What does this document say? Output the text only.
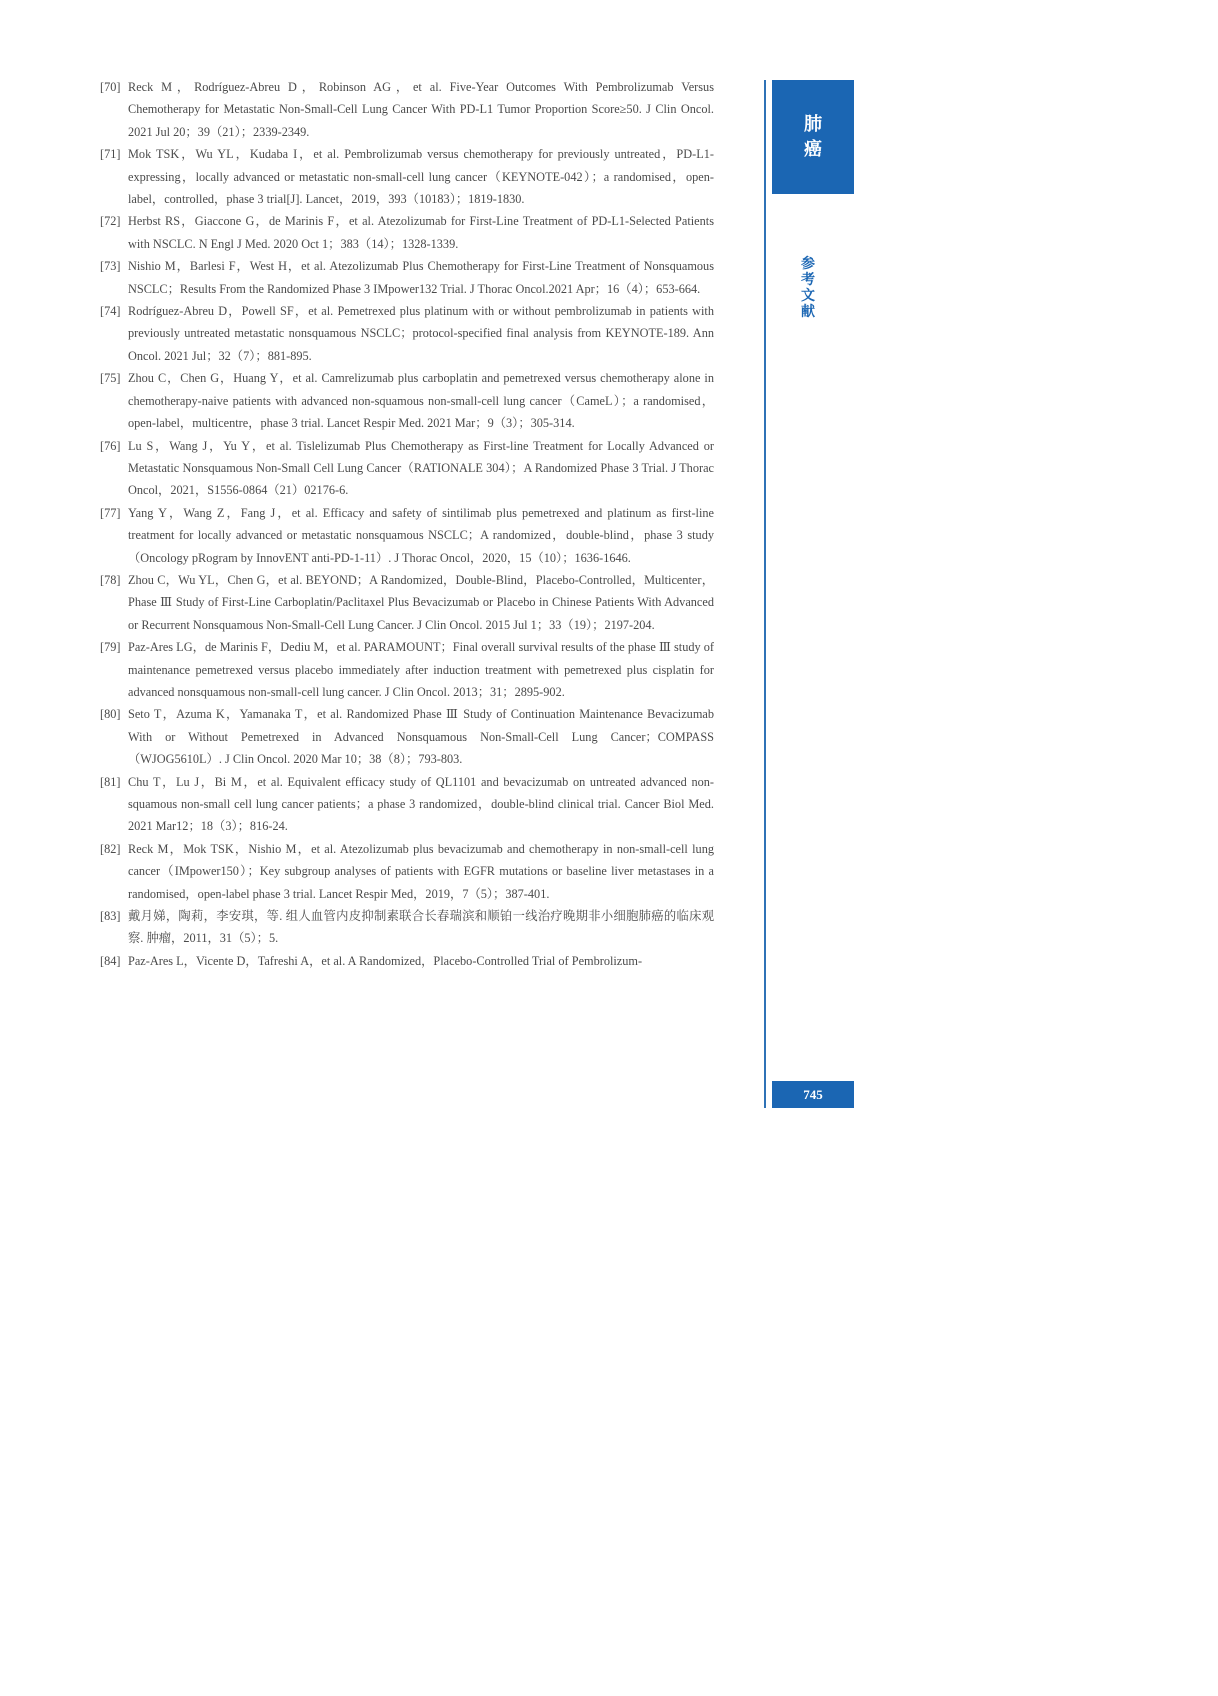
[70] Reck M，Rodríguez-Abreu D，Robinson AG，et al. Five-Year Outcomes With Pembrolizumab Versus Chemotherapy for Metastatic Non-Small-Cell Lung Cancer With PD-L1 Tumor Proportion Score≥50. J Clin Oncol. 2021 Jul 20；39（21）；2339-2349.
[71] Mok TSK，Wu YL，Kudaba I，et al. Pembrolizumab versus chemotherapy for previously untreated，PD-L1-expressing，locally advanced or metastatic non-small-cell lung cancer（KEYNOTE-042）；a randomised，open-label，controlled，phase 3 trial[J]. Lancet，2019，393（10183）；1819-1830.
[72] Herbst RS，Giaccone G，de Marinis F，et al. Atezolizumab for First-Line Treatment of PD-L1-Selected Patients with NSCLC. N Engl J Med. 2020 Oct 1；383（14）；1328-1339.
[73] Nishio M，Barlesi F，West H，et al. Atezolizumab Plus Chemotherapy for First-Line Treatment of Nonsquamous NSCLC；Results From the Randomized Phase 3 IMpower132 Trial. J Thorac Oncol.2021 Apr；16（4）；653-664.
[74] Rodríguez-Abreu D，Powell SF，et al. Pemetrexed plus platinum with or without pembrolizumab in patients with previously untreated metastatic nonsquamous NSCLC；protocol-specified final analysis from KEYNOTE-189. Ann Oncol. 2021 Jul；32（7）；881-895.
[75] Zhou C，Chen G，Huang Y，et al. Camrelizumab plus carboplatin and pemetrexed versus chemotherapy alone in chemotherapy-naive patients with advanced non-squamous non-small-cell lung cancer（CameL）；a randomised，open-label，multicentre，phase 3 trial. Lancet Respir Med. 2021 Mar；9（3）；305-314.
[76] Lu S，Wang J，Yu Y，et al. Tislelizumab Plus Chemotherapy as First-line Treatment for Locally Advanced or Metastatic Nonsquamous Non-Small Cell Lung Cancer（RATIONALE 304）；A Randomized Phase 3 Trial. J Thorac Oncol，2021，S1556-0864（21）02176-6.
[77] Yang Y，Wang Z，Fang J，et al. Efficacy and safety of sintilimab plus pemetrexed and platinum as first-line treatment for locally advanced or metastatic nonsquamous NSCLC；A randomized，double-blind，phase 3 study（Oncology pRogram by InnovENT anti-PD-1-11）. J Thorac Oncol，2020，15（10）；1636-1646.
[78] Zhou C，Wu YL，Chen G，et al. BEYOND；A Randomized，Double-Blind，Placebo-Controlled，Multicenter，Phase Ⅲ Study of First-Line Carboplatin/Paclitaxel Plus Bevacizumab or Placebo in Chinese Patients With Advanced or Recurrent Nonsquamous Non-Small-Cell Lung Cancer. J Clin Oncol. 2015 Jul 1；33（19）；2197-204.
[79] Paz-Ares LG，de Marinis F，Dediu M，et al. PARAMOUNT；Final overall survival results of the phase Ⅲ study of maintenance pemetrexed versus placebo immediately after induction treatment with pemetrexed plus cisplatin for advanced nonsquamous non-small-cell lung cancer. J Clin Oncol. 2013；31；2895-902.
[80] Seto T，Azuma K，Yamanaka T，et al. Randomized Phase Ⅲ Study of Continuation Maintenance Bevacizumab With or Without Pemetrexed in Advanced Nonsquamous Non-Small-Cell Lung Cancer；COMPASS（WJOG5610L）. J Clin Oncol. 2020 Mar 10；38（8）；793-803.
[81] Chu T，Lu J，Bi M，et al. Equivalent efficacy study of QL1101 and bevacizumab on untreated advanced non-squamous non-small cell lung cancer patients；a phase 3 randomized，double-blind clinical trial. Cancer Biol Med. 2021 Mar12；18（3）；816-24.
[82] Reck M，Mok TSK，Nishio M，et al. Atezolizumab plus bevacizumab and chemotherapy in non-small-cell lung cancer（IMpower150）；Key subgroup analyses of patients with EGFR mutations or baseline liver metastases in a randomised，open-label phase 3 trial. Lancet Respir Med，2019，7（5）；387-401.
[83] 戴月娣，陶莉，李安琪，等. 组人血管内皮抑制素联合长春瑞滨和顺铂一线治疗晚期非小细胞肺癌的临床观察. 肿瘤，2011，31（5）；5.
[84] Paz-Ares L，Vicente D，Tafreshi A，et al. A Randomized，Placebo-Controlled Trial of Pembrolizum-
肺
癌
参
考
文
献
745
